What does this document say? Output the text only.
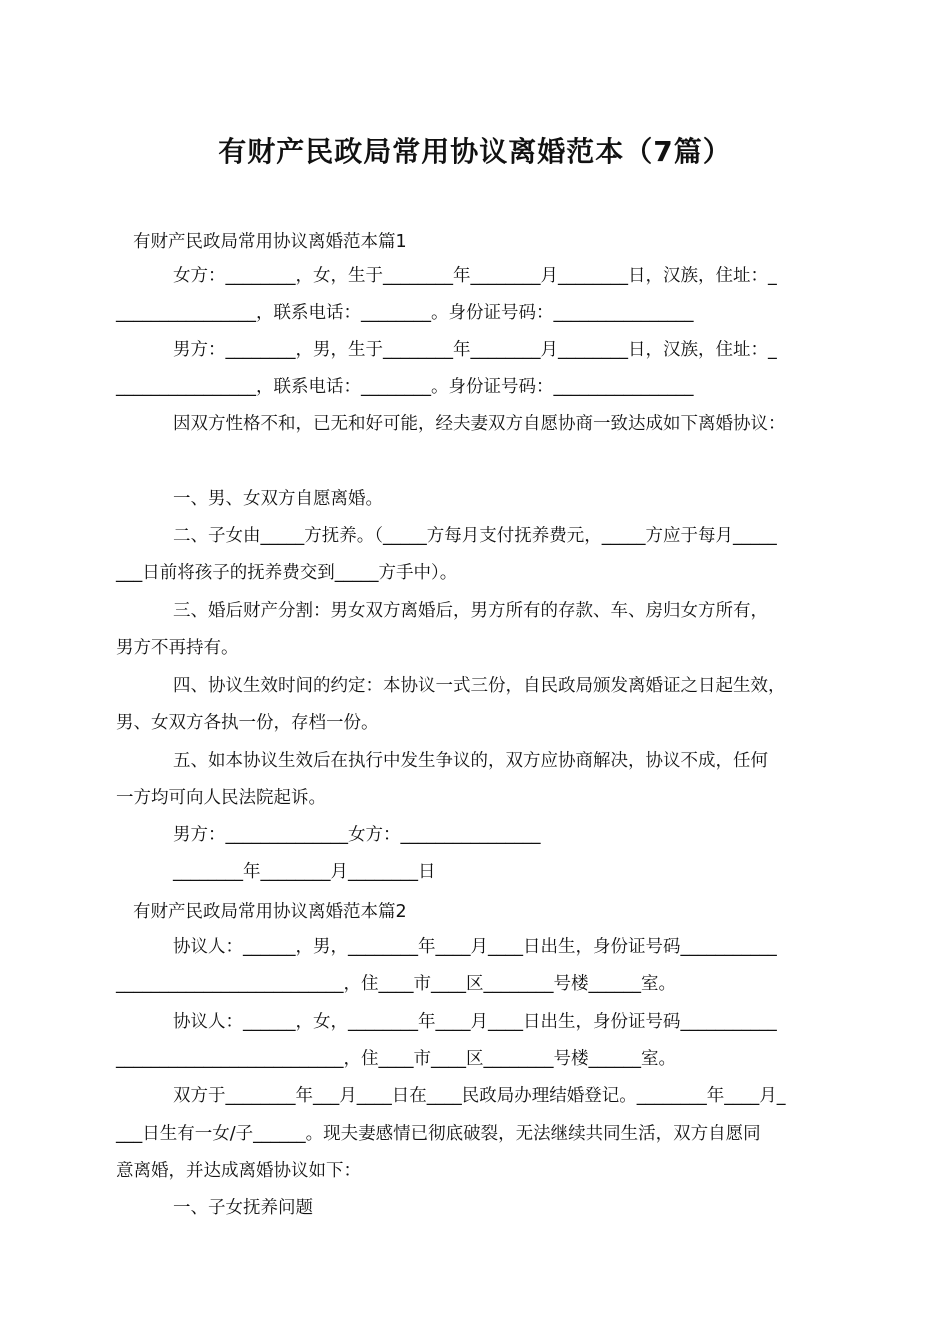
有财产民政局常用协议离婚范本（7篇）
有财产民政局常用协议离婚范本篇1
女方：________，女，生于________年________月________日，汉族，住址：_
________________，联系电话：________。身份证号码：________________
男方：________，男，生于________年________月________日，汉族，住址：_
________________，联系电话：________。身份证号码：________________
因双方性格不和，已无和好可能，经夫妻双方自愿协商一致达成如下离婚协议：
一、男、女双方自愿离婚。
二、子女由_____方抚养。（_____方每月支付抚养费元，_____方应于每月_____
___日前将孩子的抚养费交到_____方手中）。
三、婚后财产分割：男女双方离婚后，男方所有的存款、车、房归女方所有，
男方不再持有。
四、协议生效时间的约定：本协议一式三份，自民政局颁发离婚证之日起生效，
男、女双方各执一份，存档一份。
五、如本协议生效后在执行中发生争议的，双方应协商解决，协议不成，任何
一方均可向人民法院起诉。
男方：______________女方：________________
________年________月________日
有财产民政局常用协议离婚范本篇2
协议人：______，男，________年____月____日出生，身份证号码___________
__________________________，住____市____区________号楼______室。
协议人：______，女，________年____月____日出生，身份证号码___________
__________________________，住____市____区________号楼______室。
双方于________年___月____日在____民政局办理结婚登记。________年____月_
___日生有一女/子______。现夫妻感情已彻底破裂，无法继续共同生活，双方自愿同
意离婚，并达成离婚协议如下：
一、子女抚养问题
